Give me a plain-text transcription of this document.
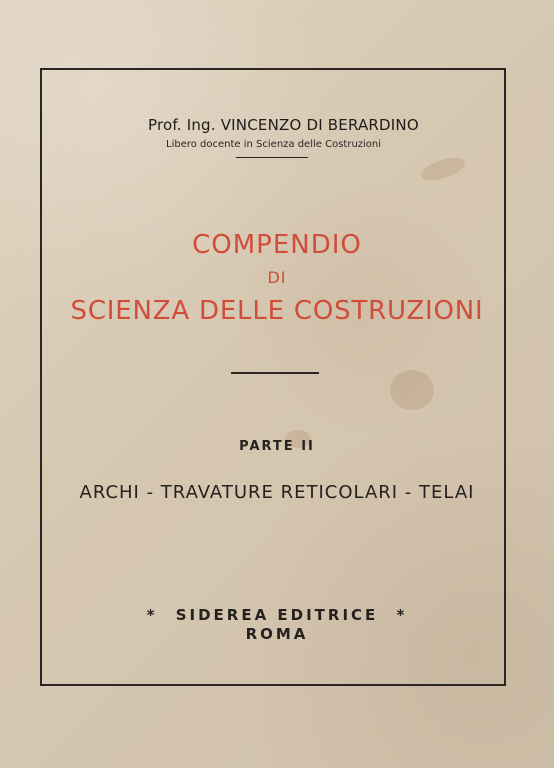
Prof. Ing. VINCENZO DI BERARDINO
Libero docente in Scienza delle Costruzioni
COMPENDIO
DI
SCIENZA DELLE COSTRUZIONI
PARTE II
ARCHI - TRAVATURE RETICOLARI - TELAI
* SIDEREA EDITRICE *
ROMA
